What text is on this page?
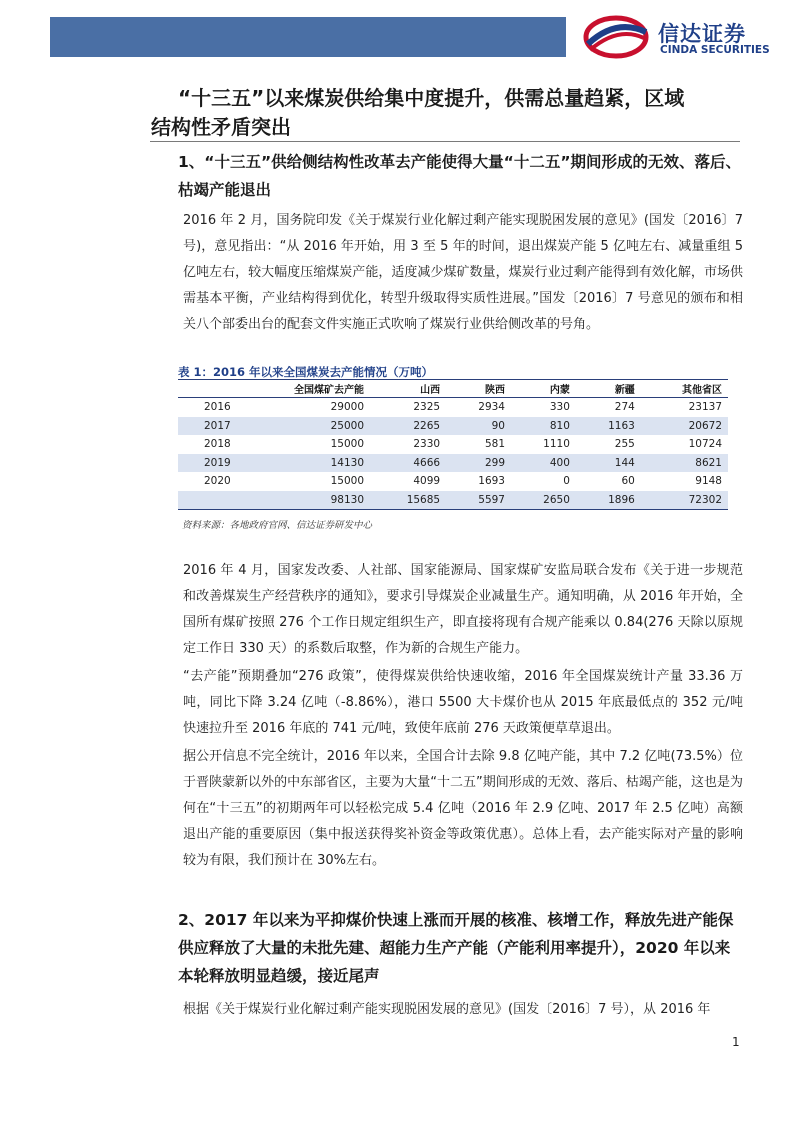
信达证券
CINDA SECURITIES
“十三五”以来煤炭供给集中度提升，供需总量趋紧，区域
结构性矛盾突出
1、“十三五”供给侧结构性改革去产能使得大量“十二五”期间形成的无效、落后、枯竭产能退出
2016 年 2 月，国务院印发《关于煤炭行业化解过剩产能实现脱困发展的意见》(国发〔2016〕7 号)，意见指出：“从 2016 年开始，用 3 至 5 年的时间，退出煤炭产能 5 亿吨左右、减量重组 5 亿吨左右，较大幅度压缩煤炭产能，适度减少煤矿数量，煤炭行业过剩产能得到有效化解，市场供需基本平衡，产业结构得到优化，转型升级取得实质性进展。”国发〔2016〕7 号意见的颁布和相关八个部委出台的配套文件实施正式吹响了煤炭行业供给侧改革的号角。
表 1：2016 年以来全国煤炭去产能情况（万吨）
	全国煤矿去产能	山西	陕西	内蒙	新疆	其他省区
2016	29000	2325	2934	330	274	23137
2017	25000	2265	90	810	1163	20672
2018	15000	2330	581	1110	255	10724
2019	14130	4666	299	400	144	8621
2020	15000	4099	1693	0	60	9148
	98130	15685	5597	2650	1896	72302
资料来源：各地政府官网、信达证券研发中心
2016 年 4 月，国家发改委、人社部、国家能源局、国家煤矿安监局联合发布《关于进一步规范和改善煤炭生产经营秩序的通知》，要求引导煤炭企业减量生产。通知明确，从 2016 年开始，全国所有煤矿按照 276 个工作日规定组织生产，即直接将现有合规产能乘以 0.84(276 天除以原规定工作日 330 天）的系数后取整，作为新的合规生产能力。
“去产能”预期叠加“276 政策”，使得煤炭供给快速收缩，2016 年全国煤炭统计产量 33.36 万吨，同比下降 3.24 亿吨（-8.86%），港口 5500 大卡煤价也从 2015 年底最低点的 352 元/吨快速拉升至 2016 年底的 741 元/吨，致使年底前 276 天政策便草草退出。
据公开信息不完全统计，2016 年以来，全国合计去除 9.8 亿吨产能，其中 7.2 亿吨(73.5%）位于晋陕蒙新以外的中东部省区，主要为大量“十二五”期间形成的无效、落后、枯竭产能，这也是为何在“十三五”的初期两年可以轻松完成 5.4 亿吨（2016 年 2.9 亿吨、2017 年 2.5 亿吨）高额退出产能的重要原因（集中报送获得奖补资金等政策优惠）。总体上看，去产能实际对产量的影响较为有限，我们预计在 30%左右。
2、2017 年以来为平抑煤价快速上涨而开展的核准、核增工作，释放先进产能保供应释放了大量的未批先建、超能力生产产能（产能利用率提升），2020 年以来本轮释放明显趋缓，接近尾声
根据《关于煤炭行业化解过剩产能实现脱困发展的意见》(国发〔2016〕7 号），从 2016 年
1
